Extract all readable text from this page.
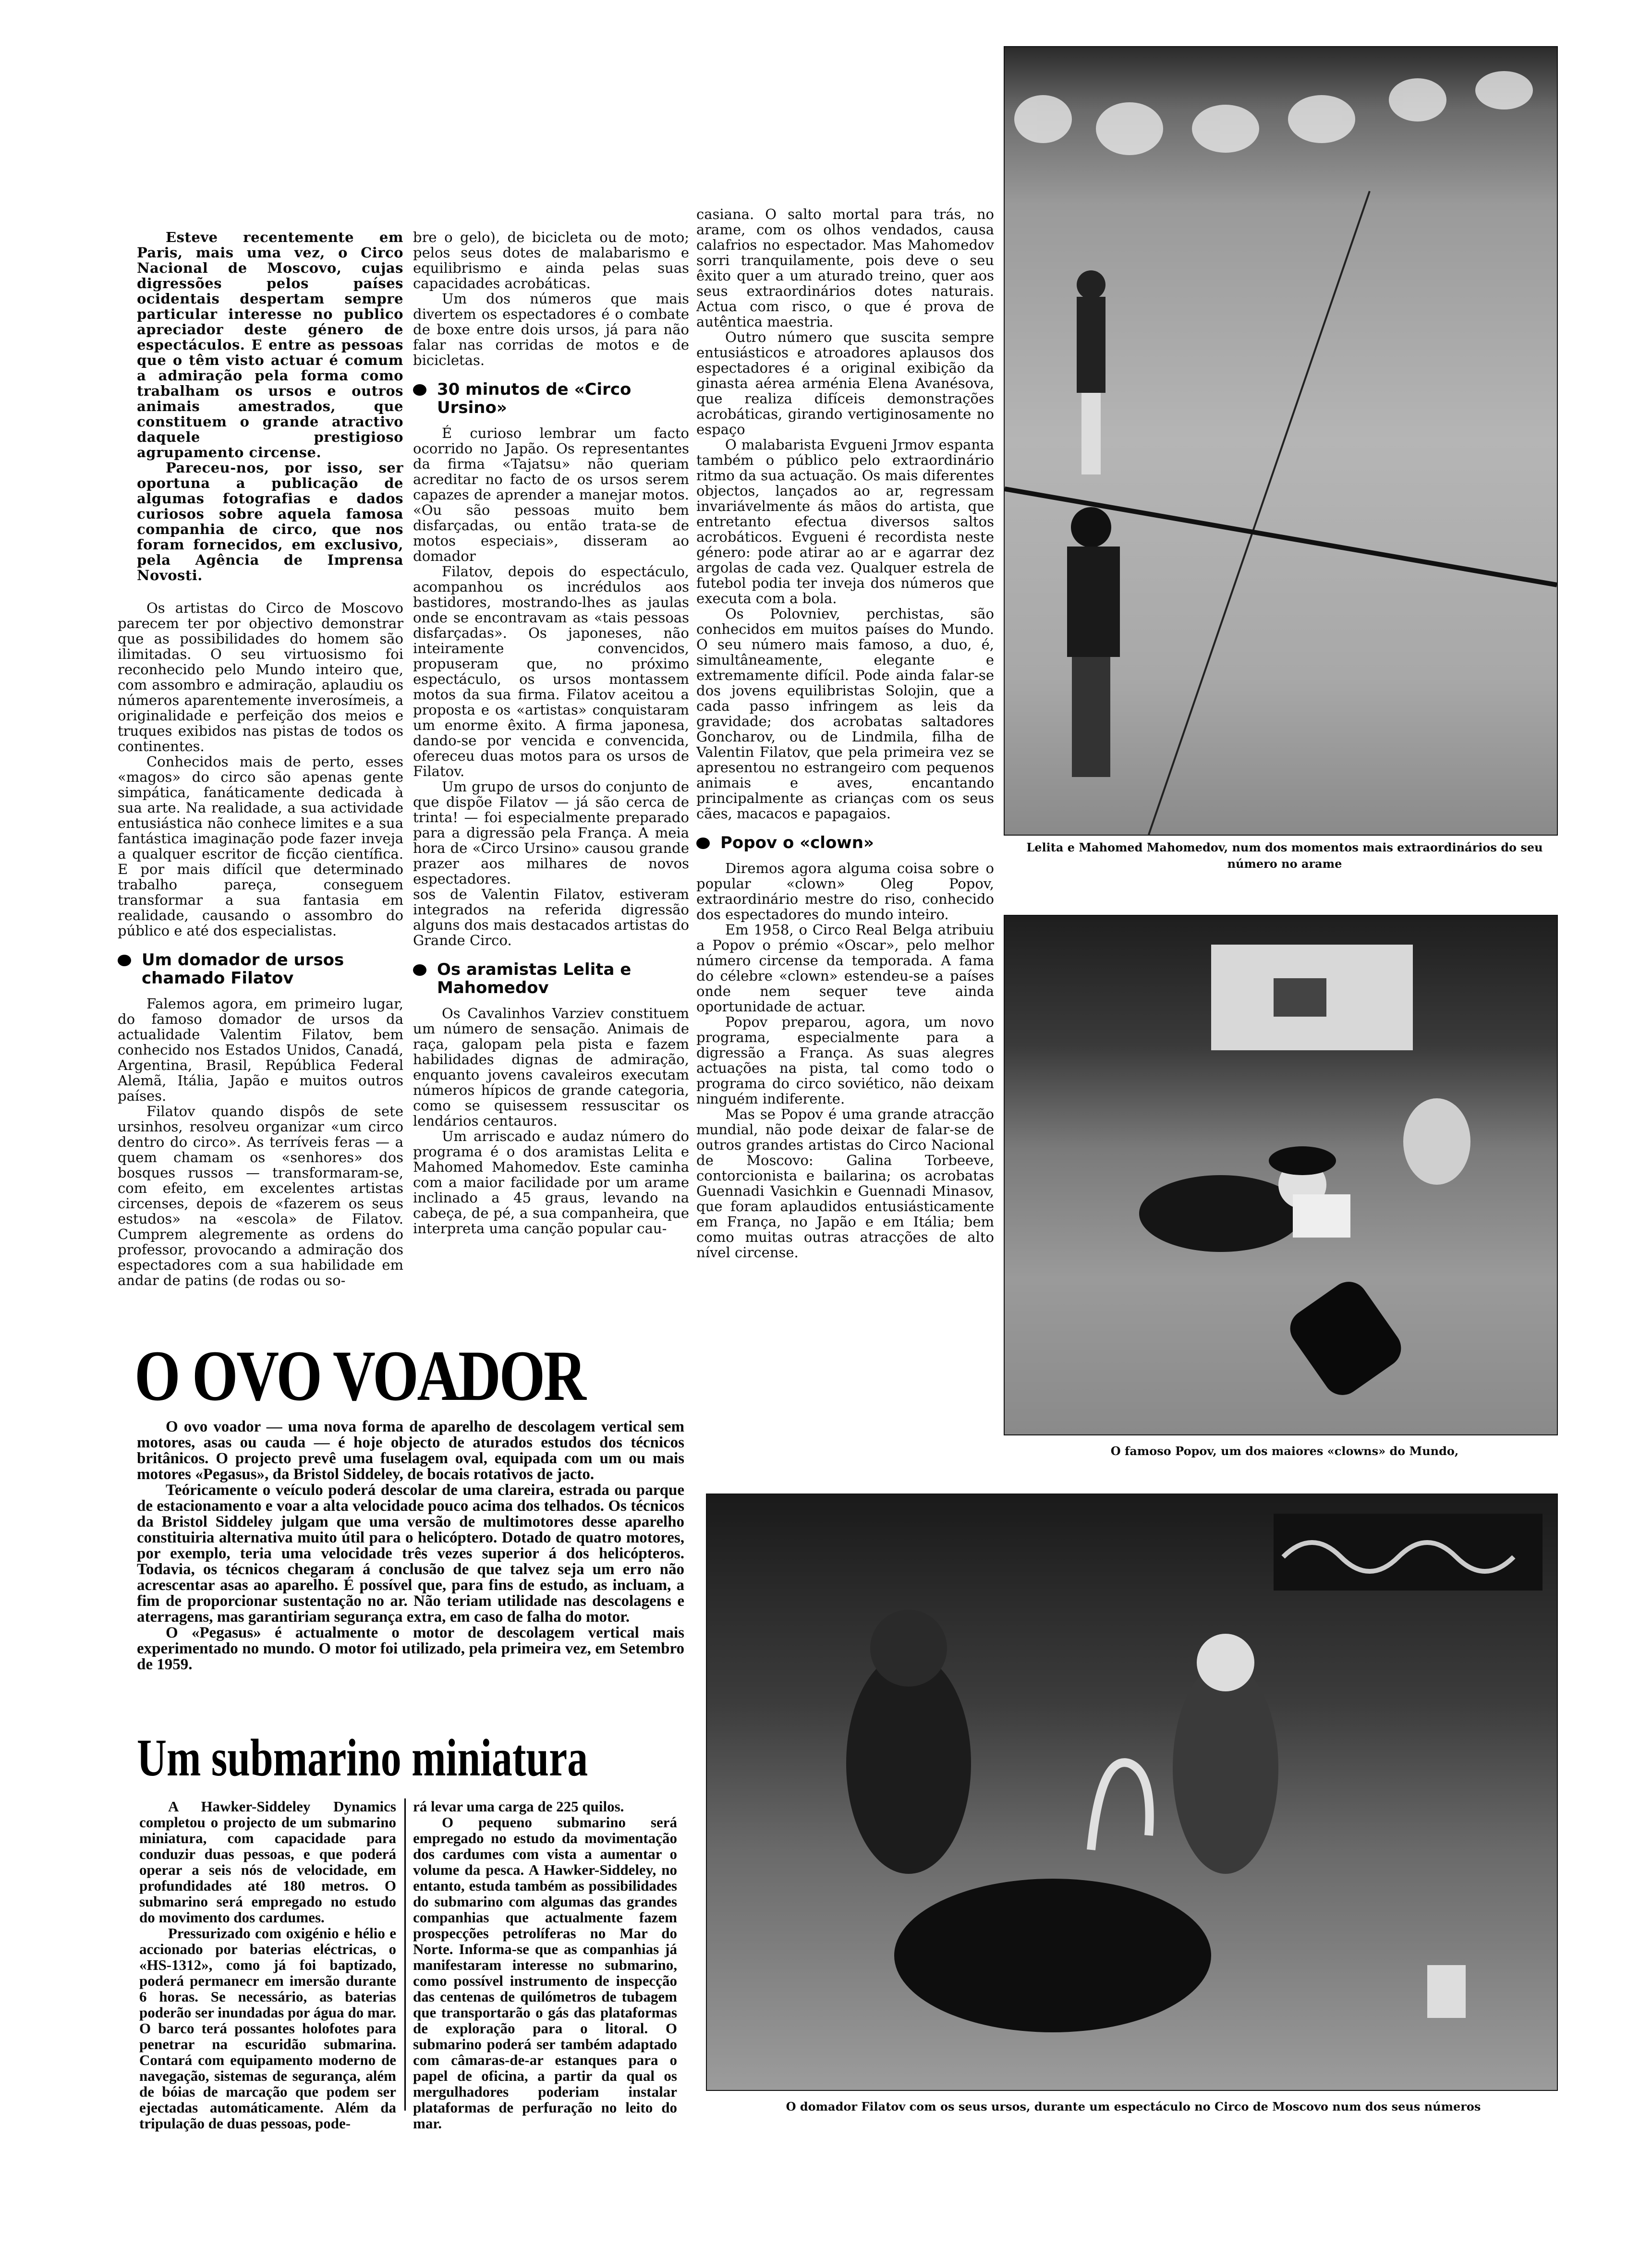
Esteve recentemente em Paris, mais uma vez, o Circo Nacional de Moscovo, cujas digressões pelos países ocidentais despertam sempre particular interesse no publico apreciador deste género de espectáculos. E entre as pessoas que o têm visto actuar é comum a admiração pela forma como trabalham os ursos e outros animais amestrados, que constituem o grande atractivo daquele prestigioso agrupamento circense.

Pareceu-nos, por isso, ser oportuna a publicação de algumas fotografias e dados curiosos sobre aquela famosa companhia de circo, que nos foram fornecidos, em exclusivo, pela Agência de Imprensa Novosti.

Os artistas do Circo de Moscovo parecem ter por objectivo demonstrar que as possibilidades do homem são ilimitadas. O seu virtuosismo foi reconhecido pelo Mundo inteiro que, com assombro e admiração, aplaudiu os números aparentemente inverosímeis, a originalidade e perfeição dos meios e truques exibidos nas pistas de todos os continentes.

Conhecidos mais de perto, esses «magos» do circo são apenas gente simpática, fanáticamente dedicada à sua arte. Na realidade, a sua actividade entusiástica não conhece limites e a sua fantástica imaginação pode fazer inveja a qualquer escritor de ficção científica. E por mais difícil que determinado trabalho pareça, conseguem transformar a sua fantasia em realidade, causando o assombro do público e até dos especialistas.

Um domador de ursos chamado Filatov

Falemos agora, em primeiro lugar, do famoso domador de ursos da actualidade Valentim Filatov, bem conhecido nos Estados Unidos, Canadá, Argentina, Brasil, República Federal Alemã, Itália, Japão e muitos outros países.

Filatov quando dispôs de sete ursinhos, resolveu organizar «um circo dentro do circo». As terríveis feras — a quem chamam os «senhores» dos bosques russos — transformaram-se, com efeito, em excelentes artistas circenses, depois de «fazerem os seus estudos» na «escola» de Filatov. Cumprem alegremente as ordens do professor, provocando a admiração dos espectadores com a sua habilidade em andar de patins (de rodas ou so-

bre o gelo), de bicicleta ou de moto; pelos seus dotes de malabarismo e equilibrismo e ainda pelas suas capacidades acrobáticas.

Um dos números que mais divertem os espectadores é o combate de boxe entre dois ursos, já para não falar nas corridas de motos e de bicicletas.

30 minutos de «Circo Ursino»

É curioso lembrar um facto ocorrido no Japão. Os representantes da firma «Tajatsu» não queriam acreditar no facto de os ursos serem capazes de aprender a manejar motos. «Ou são pessoas muito bem disfarçadas, ou então trata-se de motos especiais», disseram ao domador

Filatov, depois do espectáculo, acompanhou os incrédulos aos bastidores, mostrando-lhes as jaulas onde se encontravam as «tais pessoas disfarçadas». Os japoneses, não inteiramente convencidos, propuseram que, no próximo espectáculo, os ursos montassem motos da sua firma. Filatov aceitou a proposta e os «artistas» conquistaram um enorme êxito. A firma japonesa, dando-se por vencida e convencida, ofereceu duas motos para os ursos de Filatov.

Um grupo de ursos do conjunto de que dispõe Filatov — já são cerca de trinta! — foi especialmente preparado para a digressão pela França. A meia hora de «Circo Ursino» causou grande prazer aos milhares de novos espectadores.

sos de Valentin Filatov, estiveram integrados na referida digressão alguns dos mais destacados artistas do Grande Circo.

Os aramistas Lelita e Mahomedov

Os Cavalinhos Varziev constituem um número de sensação. Animais de raça, galopam pela pista e fazem habilidades dignas de admiração, enquanto jovens cavaleiros executam números hípicos de grande categoria, como se quisessem ressuscitar os lendários centauros.

Um arriscado e audaz número do programa é o dos aramistas Lelita e Mahomed Mahomedov. Este caminha com a maior facilidade por um arame inclinado a 45 graus, levando na cabeça, de pé, a sua companheira, que interpreta uma canção popular cau-

casiana. O salto mortal para trás, no arame, com os olhos vendados, causa calafrios no espectador. Mas Mahomedov sorri tranquilamente, pois deve o seu êxito quer a um aturado treino, quer aos seus extraordinários dotes naturais. Actua com risco, o que é prova de autêntica maestria.

Outro número que suscita sempre entusiásticos e atroadores aplausos dos espectadores é a original exibição da ginasta aérea arménia Elena Avanésova, que realiza difíceis demonstrações acrobáticas, girando vertiginosamente no espaço

O malabarista Evgueni Jrmov espanta também o público pelo extraordinário ritmo da sua actuação. Os mais diferentes objectos, lançados ao ar, regressam invariávelmente ás mãos do artista, que entretanto efectua diversos saltos acrobáticos. Evgueni é recordista neste género: pode atirar ao ar e agarrar dez argolas de cada vez. Qualquer estrela de futebol podia ter inveja dos números que executa com a bola.

Os Polovniev, perchistas, são conhecidos em muitos países do Mundo. O seu número mais famoso, a duo, é, simultâneamente, elegante e extremamente difícil. Pode ainda falar-se dos jovens equilibristas Solojin, que a cada passo infringem as leis da gravidade; dos acrobatas saltadores Goncharov, ou de Lindmila, filha de Valentin Filatov, que pela primeira vez se apresentou no estrangeiro com pequenos animais e aves, encantando principalmente as crianças com os seus cães, macacos e papagaios.

Popov o «clown»

Diremos agora alguma coisa sobre o popular «clown» Oleg Popov, extraordinário mestre do riso, conhecido dos espectadores do mundo inteiro.

Em 1958, o Circo Real Belga atribuiu a Popov o prémio «Oscar», pelo melhor número circense da temporada. A fama do célebre «clown» estendeu-se a países onde nem sequer teve ainda oportunidade de actuar.

Popov preparou, agora, um novo programa, especialmente para a digressão a França. As suas alegres actuações na pista, tal como todo o programa do circo soviético, não deixam ninguém indiferente.

Mas se Popov é uma grande atracção mundial, não pode deixar de falar-se de outros grandes artistas do Circo Nacional de Moscovo: Galina Torbeeve, contorcionista e bailarina; os acrobatas Guennadi Vasichkin e Guennadi Minasov, que foram aplaudidos entusiásticamente em França, no Japão e em Itália; bem como muitas outras atracções de alto nível circense.

O OVO VOADOR

O ovo voador — uma nova forma de aparelho de descolagem vertical sem motores, asas ou cauda — é hoje objecto de aturados estudos dos técnicos britânicos. O projecto prevê uma fuselagem oval, equipada com um ou mais motores «Pegasus», da Bristol Siddeley, de bocais rotativos de jacto.

Teóricamente o veículo poderá descolar de uma clareira, estrada ou parque de estacionamento e voar a alta velocidade pouco acima dos telhados. Os técnicos da Bristol Siddeley julgam que uma versão de multimotores desse aparelho constituiria alternativa muito útil para o helicóptero. Dotado de quatro motores, por exemplo, teria uma velocidade três vezes superior á dos helicópteros. Todavia, os técnicos chegaram á conclusão de que talvez seja um erro não acrescentar asas ao aparelho. É possível que, para fins de estudo, as incluam, a fim de proporcionar sustentação no ar. Não teriam utilidade nas descolagens e aterragens, mas garantiriam segurança extra, em caso de falha do motor.

O «Pegasus» é actualmente o motor de descolagem vertical mais experimentado no mundo. O motor foi utilizado, pela primeira vez, em Setembro de 1959.

Um submarino miniatura

A Hawker-Siddeley Dynamics completou o projecto de um submarino miniatura, com capacidade para conduzir duas pessoas, e que poderá operar a seis nós de velocidade, em profundidades até 180 metros. O submarino será empregado no estudo do movimento dos cardumes.

Pressurizado com oxigénio e hélio e accionado por baterias eléctricas, o «HS-1312», como já foi baptizado, poderá permanecr em imersão durante 6 horas. Se necessário, as baterias poderão ser inundadas por água do mar. O barco terá possantes holofotes para penetrar na escuridão submarina. Contará com equipamento moderno de navegação, sistemas de segurança, além de bóias de marcação que podem ser ejectadas automáticamente. Além da tripulação de duas pessoas, pode-

rá levar uma carga de 225 quilos.

O pequeno submarino será empregado no estudo da movimentação dos cardumes com vista a aumentar o volume da pesca. A Hawker-Siddeley, no entanto, estuda também as possibilidades do submarino com algumas das grandes companhias que actualmente fazem prospecções petrolíferas no Mar do Norte. Informa-se que as companhias já manifestaram interesse no submarino, como possível instrumento de inspecção das centenas de quilómetros de tubagem que transportarão o gás das plataformas de exploração para o litoral. O submarino poderá ser também adaptado com câmaras-de-ar estanques para o papel de oficina, a partir da qual os mergulhadores poderiam instalar plataformas de perfuração no leito do mar.

Lelita e Mahomed Mahomedov, num dos momentos mais extraordinários do seu número no arame
O famoso Popov, um dos maiores «clowns» do Mundo,
O domador Filatov com os seus ursos, durante um espectáculo no Circo de Moscovo num dos seus números
